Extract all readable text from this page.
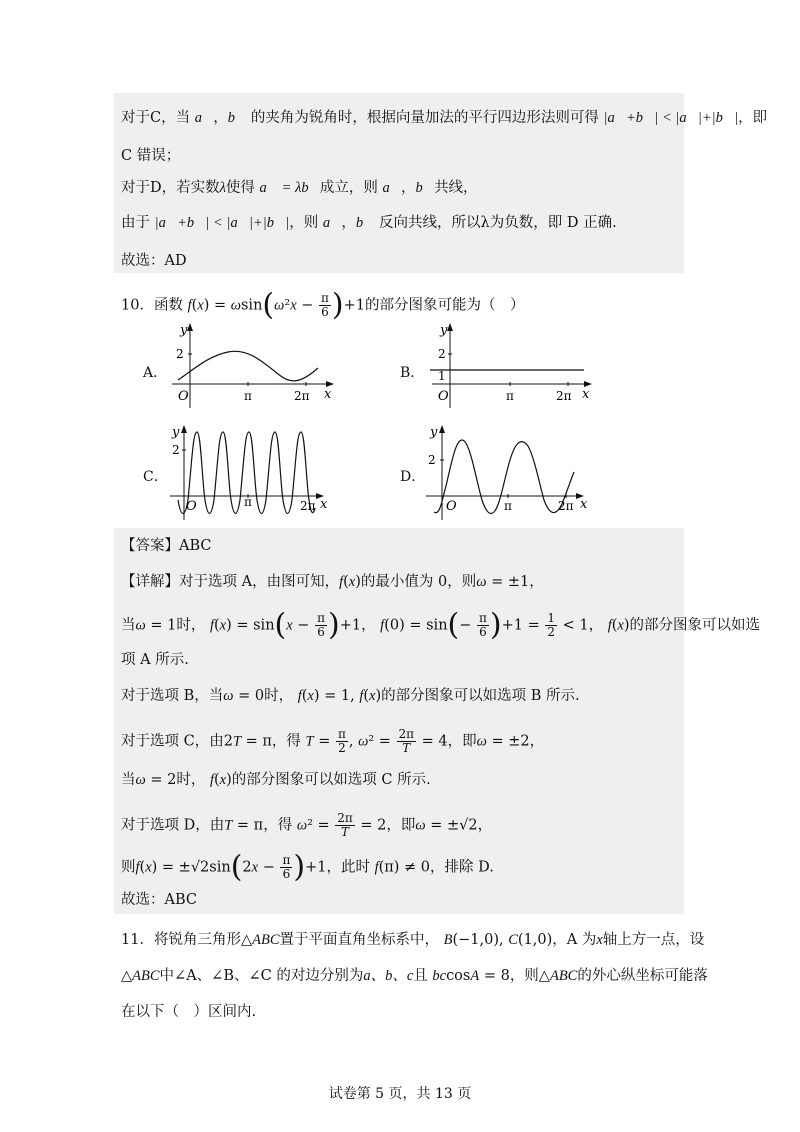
对于C，当 a⃗，b⃗ 的夹角为锐角时，根据向量加法的平行四边形法则可得 |a⃗+b⃗| < |a⃗|+|b⃗|，即
C 错误；
对于D，若实数λ使得 a⃗ = λb⃗成立，则 a⃗，b⃗共线，
由于 |a⃗+b⃗| < |a⃗|+|b⃗|，则 a⃗，b⃗ 反向共线，所以λ为负数，即 D 正确.
故选：AD
10．函数 $f(x) = \omega\sin(\omega^2x - \frac{\pi}{6} )+1$的部分图象可能为（　）
A．
y
2
O	π	2π x
B．
y
2
1
O	π	2π x
C．
y
2
O	π	2π x
D．
y
2
O	π	2π x
【答案】ABC
【详解】对于选项 A，由图可知，f(x)的最小值为 0，则ω = ±1，
当ω = 1时， $f(x) = \sin(x - \frac{\pi}{6} )+1$， $f(0) = \sin(- \frac{\pi}{6} )+1 = \frac{1}{2} < 1$， f(x)的部分图象可以如选
项 A 所示.
对于选项 B，当ω = 0时， f(x) = 1, f(x)的部分图象可以如选项 B 所示.
对于选项 C，由2T = π，得 $T = \frac{\pi}{2}$ , $\omega^2 = \frac{2\pi}{T} = 4$，即ω = ±2，
当ω = 2时， f(x)的部分图象可以如选项 C 所示.
对于选项 D，由T = π，得 $\omega^2 = \frac{2\pi}{T} = 2$，即ω = ±√2，
则$f(x) = \pm√2\sin(2x - \frac{\pi}{6} )+1$，此时 f(π) ≠ 0，排除 D.
故选：ABC
11．将锐角三角形△ABC置于平面直角坐标系中， B(−1,0), C(1,0)，A 为x轴上方一点，设
△ABC中∠A、∠B、∠C 的对边分别为a、b、c且 bccosA = 8，则△ABC的外心纵坐标可能落
在以下（　）区间内.
试卷第 5 页，共 13 页
